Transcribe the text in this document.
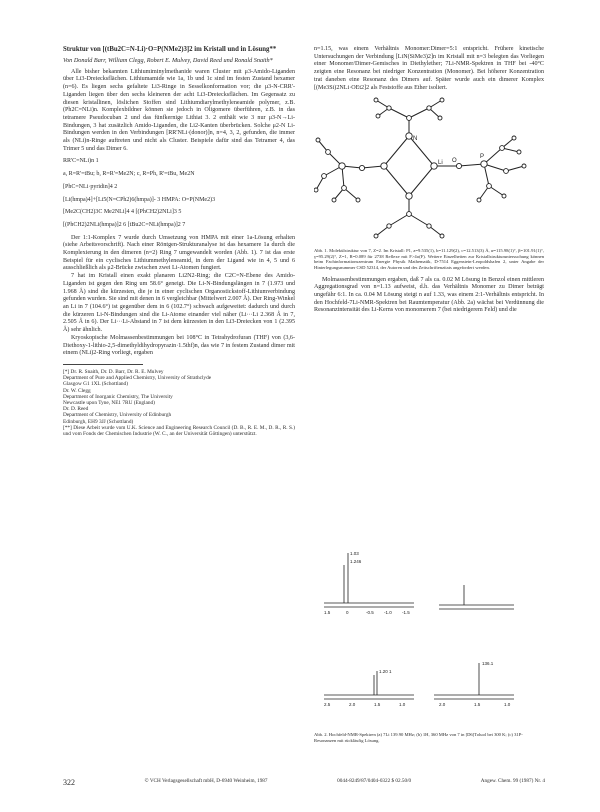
Struktur von [(tBu2C=N-Li)·O=P(NMe2)3]2 im Kristall und in Lösung**
Von Donald Barr, William Clegg, Robert E. Mulvey, David Reed und Ronald Snaith*

Alle bisher bekannten Lithiumiminylmethanide waren Cluster mit μ3-Amido-Liganden über Li3-Dreiecksflächen. Lithiumamide wie 1a, 1b und 1c sind im festen Zustand hexamer (n=6). Es liegen sechs gefaltete Li3-Ringe in Sesselkonformation vor; die μ3-N-CRR'-Liganden liegen über den sechs kleineren der acht Li3-Dreiecksflächen. Im Gegensatz zu diesen kristallinen, löslichen Stoffen sind Lithiumdiarylmethyleneamide polymer, z.B. (Ph2C=NLi)n. Komplexbildner können sie jedoch in Oligomere überführen, z.B. in das tetramere Pseudocuban 2 und das fünfkernige Lithiat 3. 2 enthält wie 3 nur μ3-N→Li-Bindungen, 3 hat zusätzlich Amido-Liganden, die Li2-Kanten überbrücken. Solche μ2-N Li-Bindungen werden in den Verbindungen [RR'NLi·(donor)]n, n=4, 3, 2, gefunden, die immer als (NLi)n-Ringe auftreten und nicht als Cluster. Beispiele dafür sind das Tetramer 4, das Trimer 5 und das Dimer 6.

RR'C=NLi)n 1
a, R=R'=tBu; b, R=R'=Me2N; c, R=Ph, R'=tBu, Me2N
[PhC=NLi·pyridin]4 2
[Li(hmpa)4]+[Li5(N=CPh2)6(hmpa)]- 3 HMPA: O=P(NMe2)3
[Me2C(CH2)3C Me2NLi]4 4 [(PhCH2)2NLi]3 5
[(PhCH2)2NLi(hmpa)]2 6 [tBu2C=NLi(hmpa)]2 7

Der 1:1-Komplex 7 wurde durch Umsetzung von HMPA mit einer 1a-Lösung erhalten (siehe Arbeitsvorschrift). Nach einer Röntgen-Strukturanalyse ist das hexamere 1a durch die Komplexierung in den dimeren (n=2) Ring 7 umgewandelt worden (Abb. 1). 7 ist das erste Beispiel für ein cyclisches Lithiummethyleneamid, in dem der Ligand wie in 4, 5 und 6 ausschließlich als μ2-Brücke zwischen zwei Li-Atomen fungiert.

7 hat im Kristall einen exakt planaren Li2N2-Ring; die C2C=N-Ebene des Amido-Liganden ist gegen den Ring um 58.6° geneigt. Die Li-N-Bindungslängen in 7 (1.973 und 1.968 Å) sind die kürzesten, die je in einer cyclischen Organostickstoff-Lithiumverbindung gefunden wurden. Sie sind mit denen in 6 vergleichbar (Mittelwert 2.007 Å). Der Ring-Winkel an Li in 7 (104.6°) ist gegenüber dem in 6 (102.7°) schwach aufgeweitet: dadurch und durch die kürzeren Li-N-Bindungen sind die Li-Atome einander viel näher (Li···Li 2.368 Å in 7, 2.505 Å in 6). Der Li···Li-Abstand in 7 ist dem kürzesten in den Li3-Dreiecken von 1 (2.395 Å) sehr ähnlich.

Kryoskopische Molmassenbestimmungen bei 108°C in Tetrahydrofuran (THF) von (3,6-Diethoxy-1-lithio-2,5-dimethyldihydropyrazin·1.5thf)n, das wie 7 in festem Zustand dimer mit einem (NLi)2-Ring vorliegt, ergaben

[*] Dr. R. Snaith, Dr. D. Barr, Dr. R. E. Mulvey
Department of Pure and Applied Chemistry, University of Strathclyde
Glasgow G1 1XL (Schottland)
Dr. W. Clegg
Department of Inorganic Chemistry, The University
Newcastle upon Tyne, NE1 7RU (England)
Dr. D. Reed
Department of Chemistry, University of Edinburgh
Edinburgh, EH9 3JJ (Schottland)
[**] Diese Arbeit wurde vom U.K. Science and Engineering Research Council (D. B., R. E. M., D. R., R. S.) und vom Fonds der Chemischen Industrie (W. C., an der Universität Göttingen) unterstützt.

n=1.15, was einem Verhältnis Monomer:Dimer=5:1 entspricht. Frühere kinetische Untersuchungen der Verbindung [LiN(SiMe3)2]n im Kristall mit n=3 belegten das Vorliegen einer Monomer/Dimer-Gemisches in Diethylether; 7Li-NMR-Spektren in THF bei -40°C zeigten eine Resonanz bei niedriger Konzentration (Monomer). Bei höherer Konzentration trat daneben eine Resonanz des Dimers auf. Später wurde auch ein dimerer Komplex [(Me3Si)2NLi·OEt2]2 als Feststoffe aus Ether isoliert.

N
Li O
P
Abb. 1. Molekülstruktur von 7, Z=2. Im Kristall: P1, a=9.535(1), b=11.129(2), c=12.513(3) Å, α=115.98(1)°, β=101.91(1)°, γ=95.29(2)°, Z=1, R=0.089 für 2738 Reflexe mit F>4σ(F). Weitere Einzelheiten zur Kristallstrukturuntersuchung können beim Fachinformationszentrum Energie Physik Mathematik, D-7514 Eggenstein-Leopoldshafen 2, unter Angabe der Hinterlegungsnummer CSD 52314, der Autoren und des Zeitschriftenzitats angefordert werden.

Molmassenbestimmungen ergaben, daß 7 als ca. 0.02 M Lösung in Benzol einen mittleren Aggregationsgrad von n=1.13 aufweist, d.h. das Verhältnis Monomer zu Dimer beträgt ungefähr 6:1. In ca. 0.04 M Lösung steigt n auf 1.33, was einem 2:1-Verhältnis entspricht. In den Hochfeld-7Li-NMR-Spektren bei Raumtemperatur (Abb. 2a) wächst bei Verdünnung die Resonanzintensität des Li-Kerns von monomerem 7 (bei niedrigerem Feld) und die

1.246
1.03
1.20 1
136.1
1.5	0	-0.5 -1.0 -1.5
2.5	2.0	1.5	1.0	2.0	1.5	1.0
Abb. 2. Hochfeld-NMR-Spektren (a) 7Li 139.90 MHz; (b) 1H, 360 MHz von 7 in [D6]Toluol bei 300 K; (c) 31P-Resonanzen mit rückläufig Lösung.
322	© VCH Verlagsgesellschaft mbH, D-6940 Weinheim, 1987	0044-8249/87/0404-0322 $ 02.50/0	Angew. Chem. 99 (1987) Nr. 4
